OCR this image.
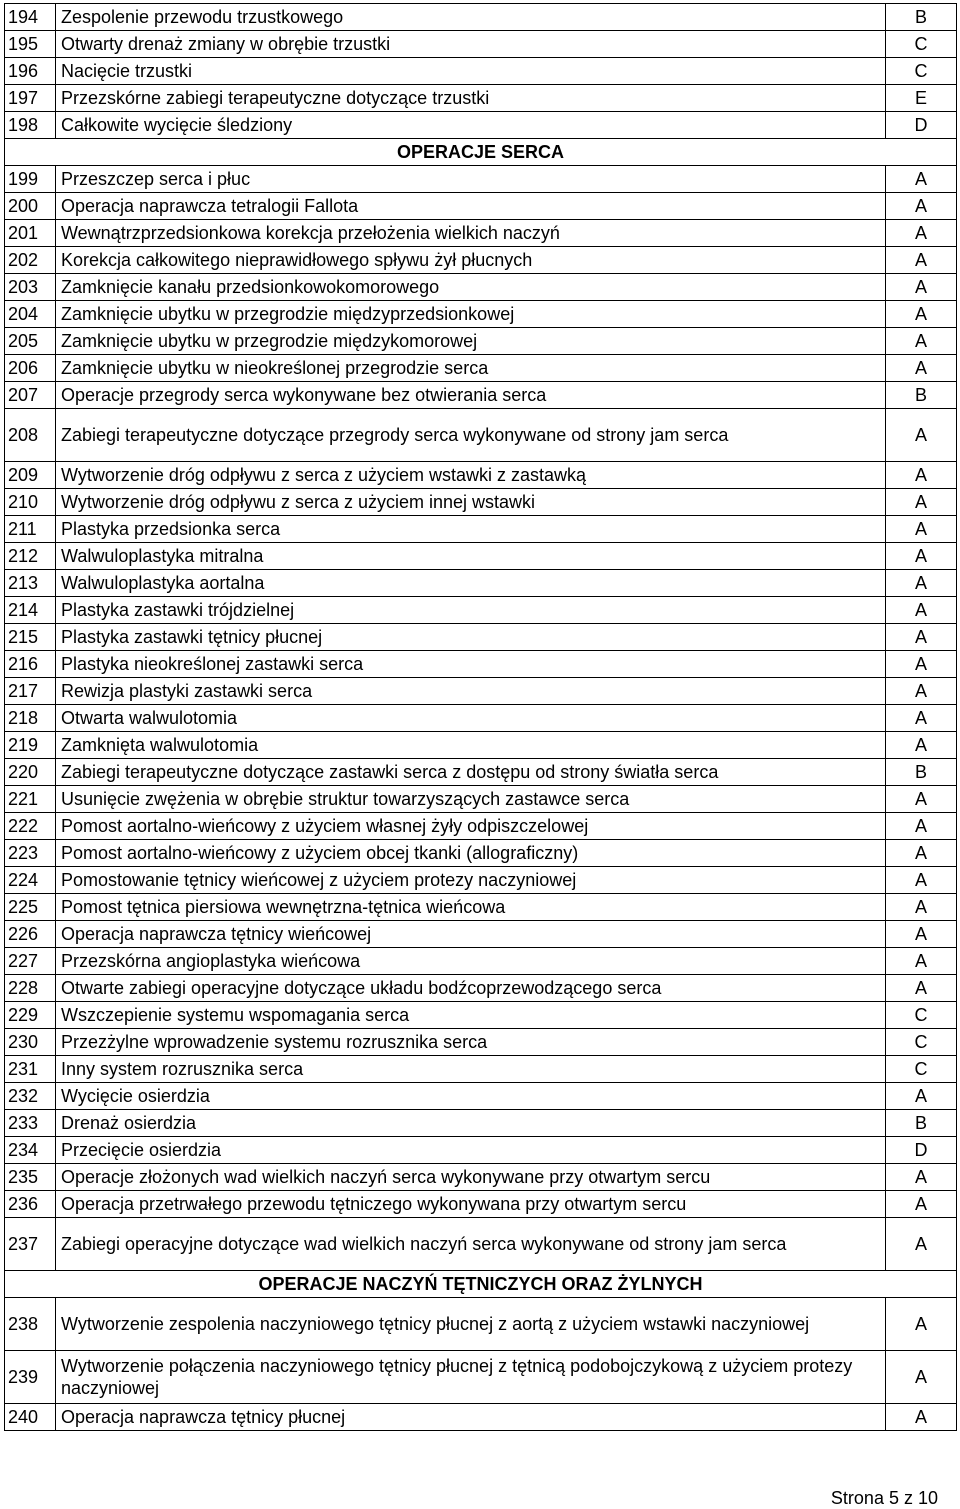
194	Zespolenie przewodu trzustkowego	B
195	Otwarty drenaż zmiany w obrębie trzustki	C
196	Nacięcie trzustki	C
197	Przezskórne zabiegi terapeutyczne dotyczące trzustki	E
198	Całkowite wycięcie śledziony	D
OPERACJE SERCA		
199	Przeszczep serca i płuc	A
200	Operacja naprawcza tetralogii Fallota	A
201	Wewnątrzprzedsionkowa korekcja przełożenia wielkich naczyń	A
202	Korekcja całkowitego nieprawidłowego spływu żył płucnych	A
203	Zamknięcie kanału przedsionkowokomorowego	A
204	Zamknięcie ubytku w przegrodzie międzyprzedsionkowej	A
205	Zamknięcie ubytku w przegrodzie międzykomorowej	A
206	Zamknięcie ubytku w nieokreślonej przegrodzie serca	A
207	Operacje przegrody serca wykonywane bez otwierania serca	B
208	Zabiegi terapeutyczne dotyczące przegrody serca wykonywane od strony jam serca	A
209	Wytworzenie dróg odpływu z serca z użyciem wstawki z zastawką	A
210	Wytworzenie dróg odpływu z serca z użyciem innej wstawki	A
211	Plastyka przedsionka serca	A
212	Walwuloplastyka mitralna	A
213	Walwuloplastyka aortalna	A
214	Plastyka zastawki trójdzielnej	A
215	Plastyka zastawki tętnicy płucnej	A
216	Plastyka nieokreślonej zastawki serca	A
217	Rewizja plastyki zastawki serca	A
218	Otwarta walwulotomia	A
219	Zamknięta walwulotomia	A
220	Zabiegi terapeutyczne dotyczące zastawki serca z dostępu od strony światła serca	B
221	Usunięcie zwężenia w obrębie struktur towarzyszących zastawce serca	A
222	Pomost aortalno-wieńcowy z użyciem własnej żyły odpiszczelowej	A
223	Pomost aortalno-wieńcowy z użyciem obcej tkanki (allograficzny)	A
224	Pomostowanie tętnicy wieńcowej z użyciem protezy naczyniowej	A
225	Pomost tętnica piersiowa wewnętrzna-tętnica wieńcowa	A
226	Operacja naprawcza tętnicy wieńcowej	A
227	Przezskórna angioplastyka wieńcowa	A
228	Otwarte zabiegi operacyjne dotyczące układu bodźcoprzewodzącego serca	A
229	Wszczepienie systemu wspomagania serca	C
230	Przezżylne wprowadzenie systemu rozrusznika serca	C
231	Inny system rozrusznika serca	C
232	Wycięcie osierdzia	A
233	Drenaż osierdzia	B
234	Przecięcie osierdzia	D
235	Operacje złożonych wad wielkich naczyń serca wykonywane przy otwartym sercu	A
236	Operacja przetrwałego przewodu tętniczego wykonywana przy otwartym sercu	A
237	Zabiegi operacyjne dotyczące wad wielkich naczyń serca wykonywane od strony jam serca	A
OPERACJE NACZYŃ TĘTNICZYCH ORAZ ŻYLNYCH		
238	Wytworzenie zespolenia naczyniowego tętnicy płucnej z aortą z użyciem wstawki naczyniowej	A
239	Wytworzenie połączenia naczyniowego tętnicy płucnej z tętnicą podobojczykową z użyciem protezy naczyniowej	A
240	Operacja naprawcza tętnicy płucnej	A
Strona 5 z 10
